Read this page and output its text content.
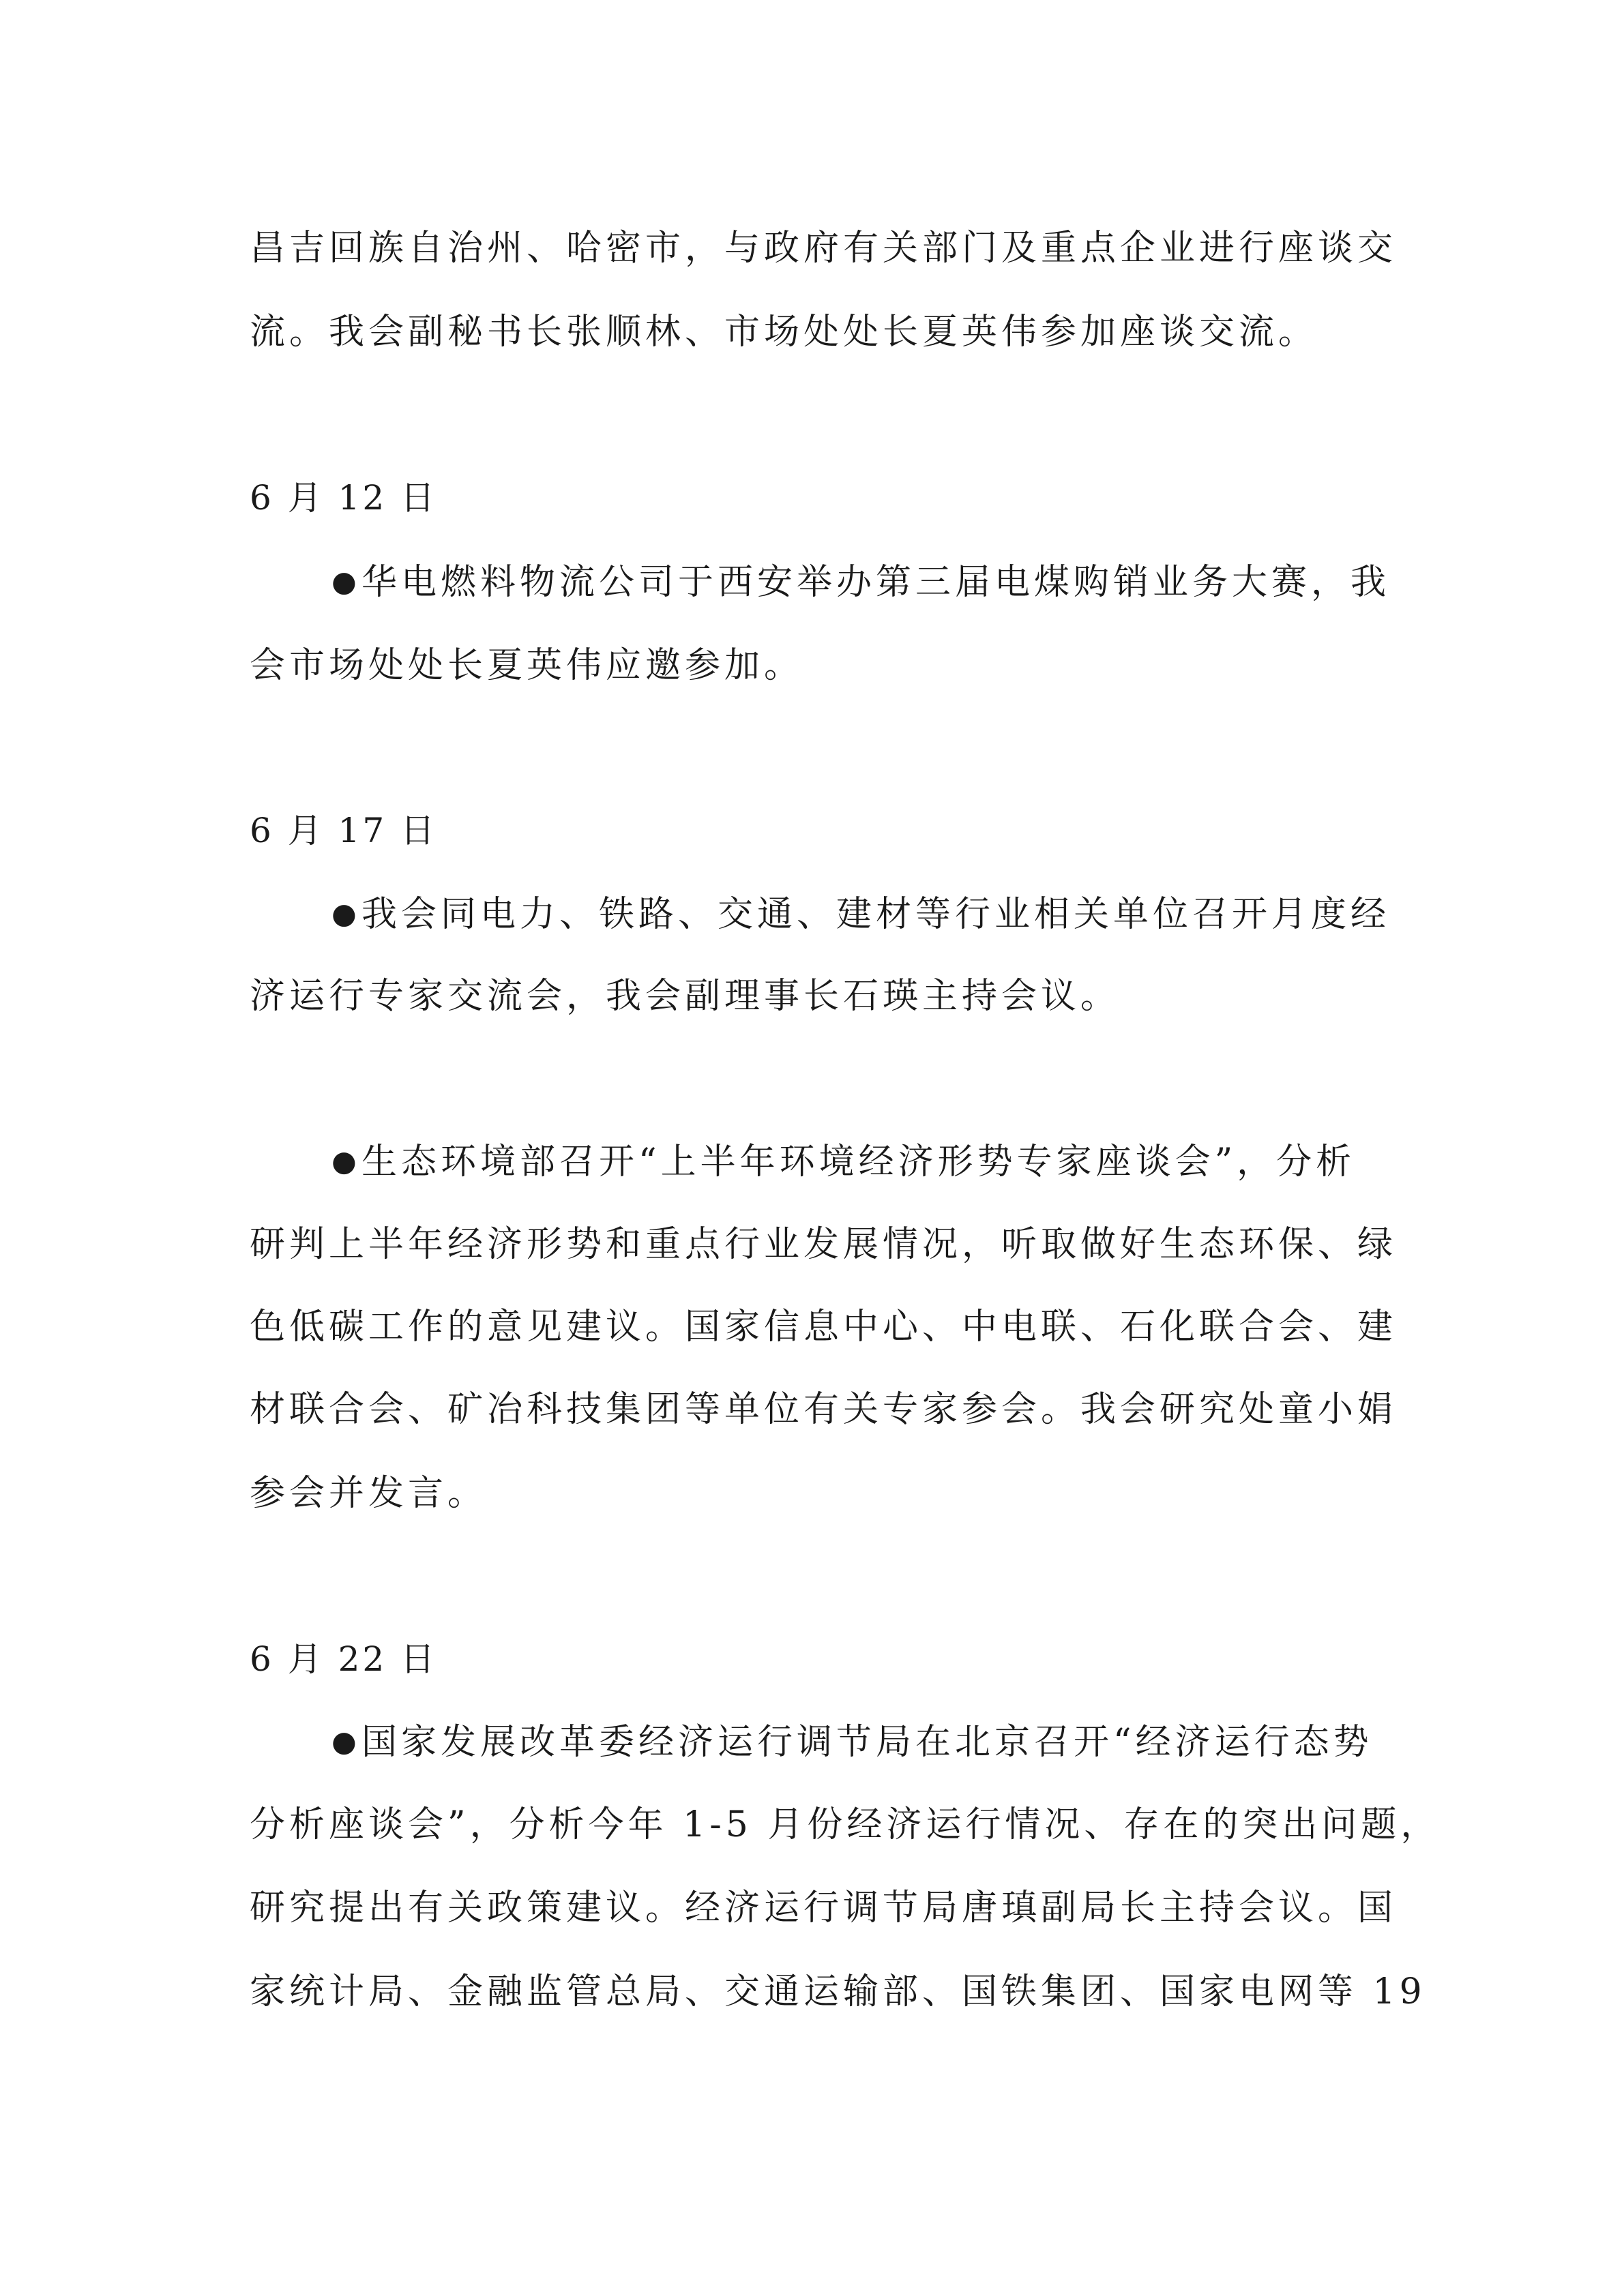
昌吉回族自治州、哈密市，与政府有关部门及重点企业进行座谈交
流。我会副秘书长张顺林、市场处处长夏英伟参加座谈交流。
6 月 12 日
● 华电燃料物流公司于西安举办第三届电煤购销业务大赛，我
会市场处处长夏英伟应邀参加。
6 月 17 日
● 我会同电力、铁路、交通、建材等行业相关单位召开月度经
济运行专家交流会，我会副理事长石瑛主持会议。
● 生态环境部召开“上半年环境经济形势专家座谈会”，分析
研判上半年经济形势和重点行业发展情况，听取做好生态环保、绿
色低碳工作的意见建议。国家信息中心、中电联、石化联合会、建
材联合会、矿冶科技集团等单位有关专家参会。我会研究处童小娟
参会并发言。
6 月 22 日
● 国家发展改革委经济运行调节局在北京召开“经济运行态势
分析座谈会”，分析今年 1-5 月份经济运行情况、存在的突出问题，
研究提出有关政策建议。经济运行调节局唐瑱副局长主持会议。国
家统计局、金融监管总局、交通运输部、国铁集团、国家电网等 19
